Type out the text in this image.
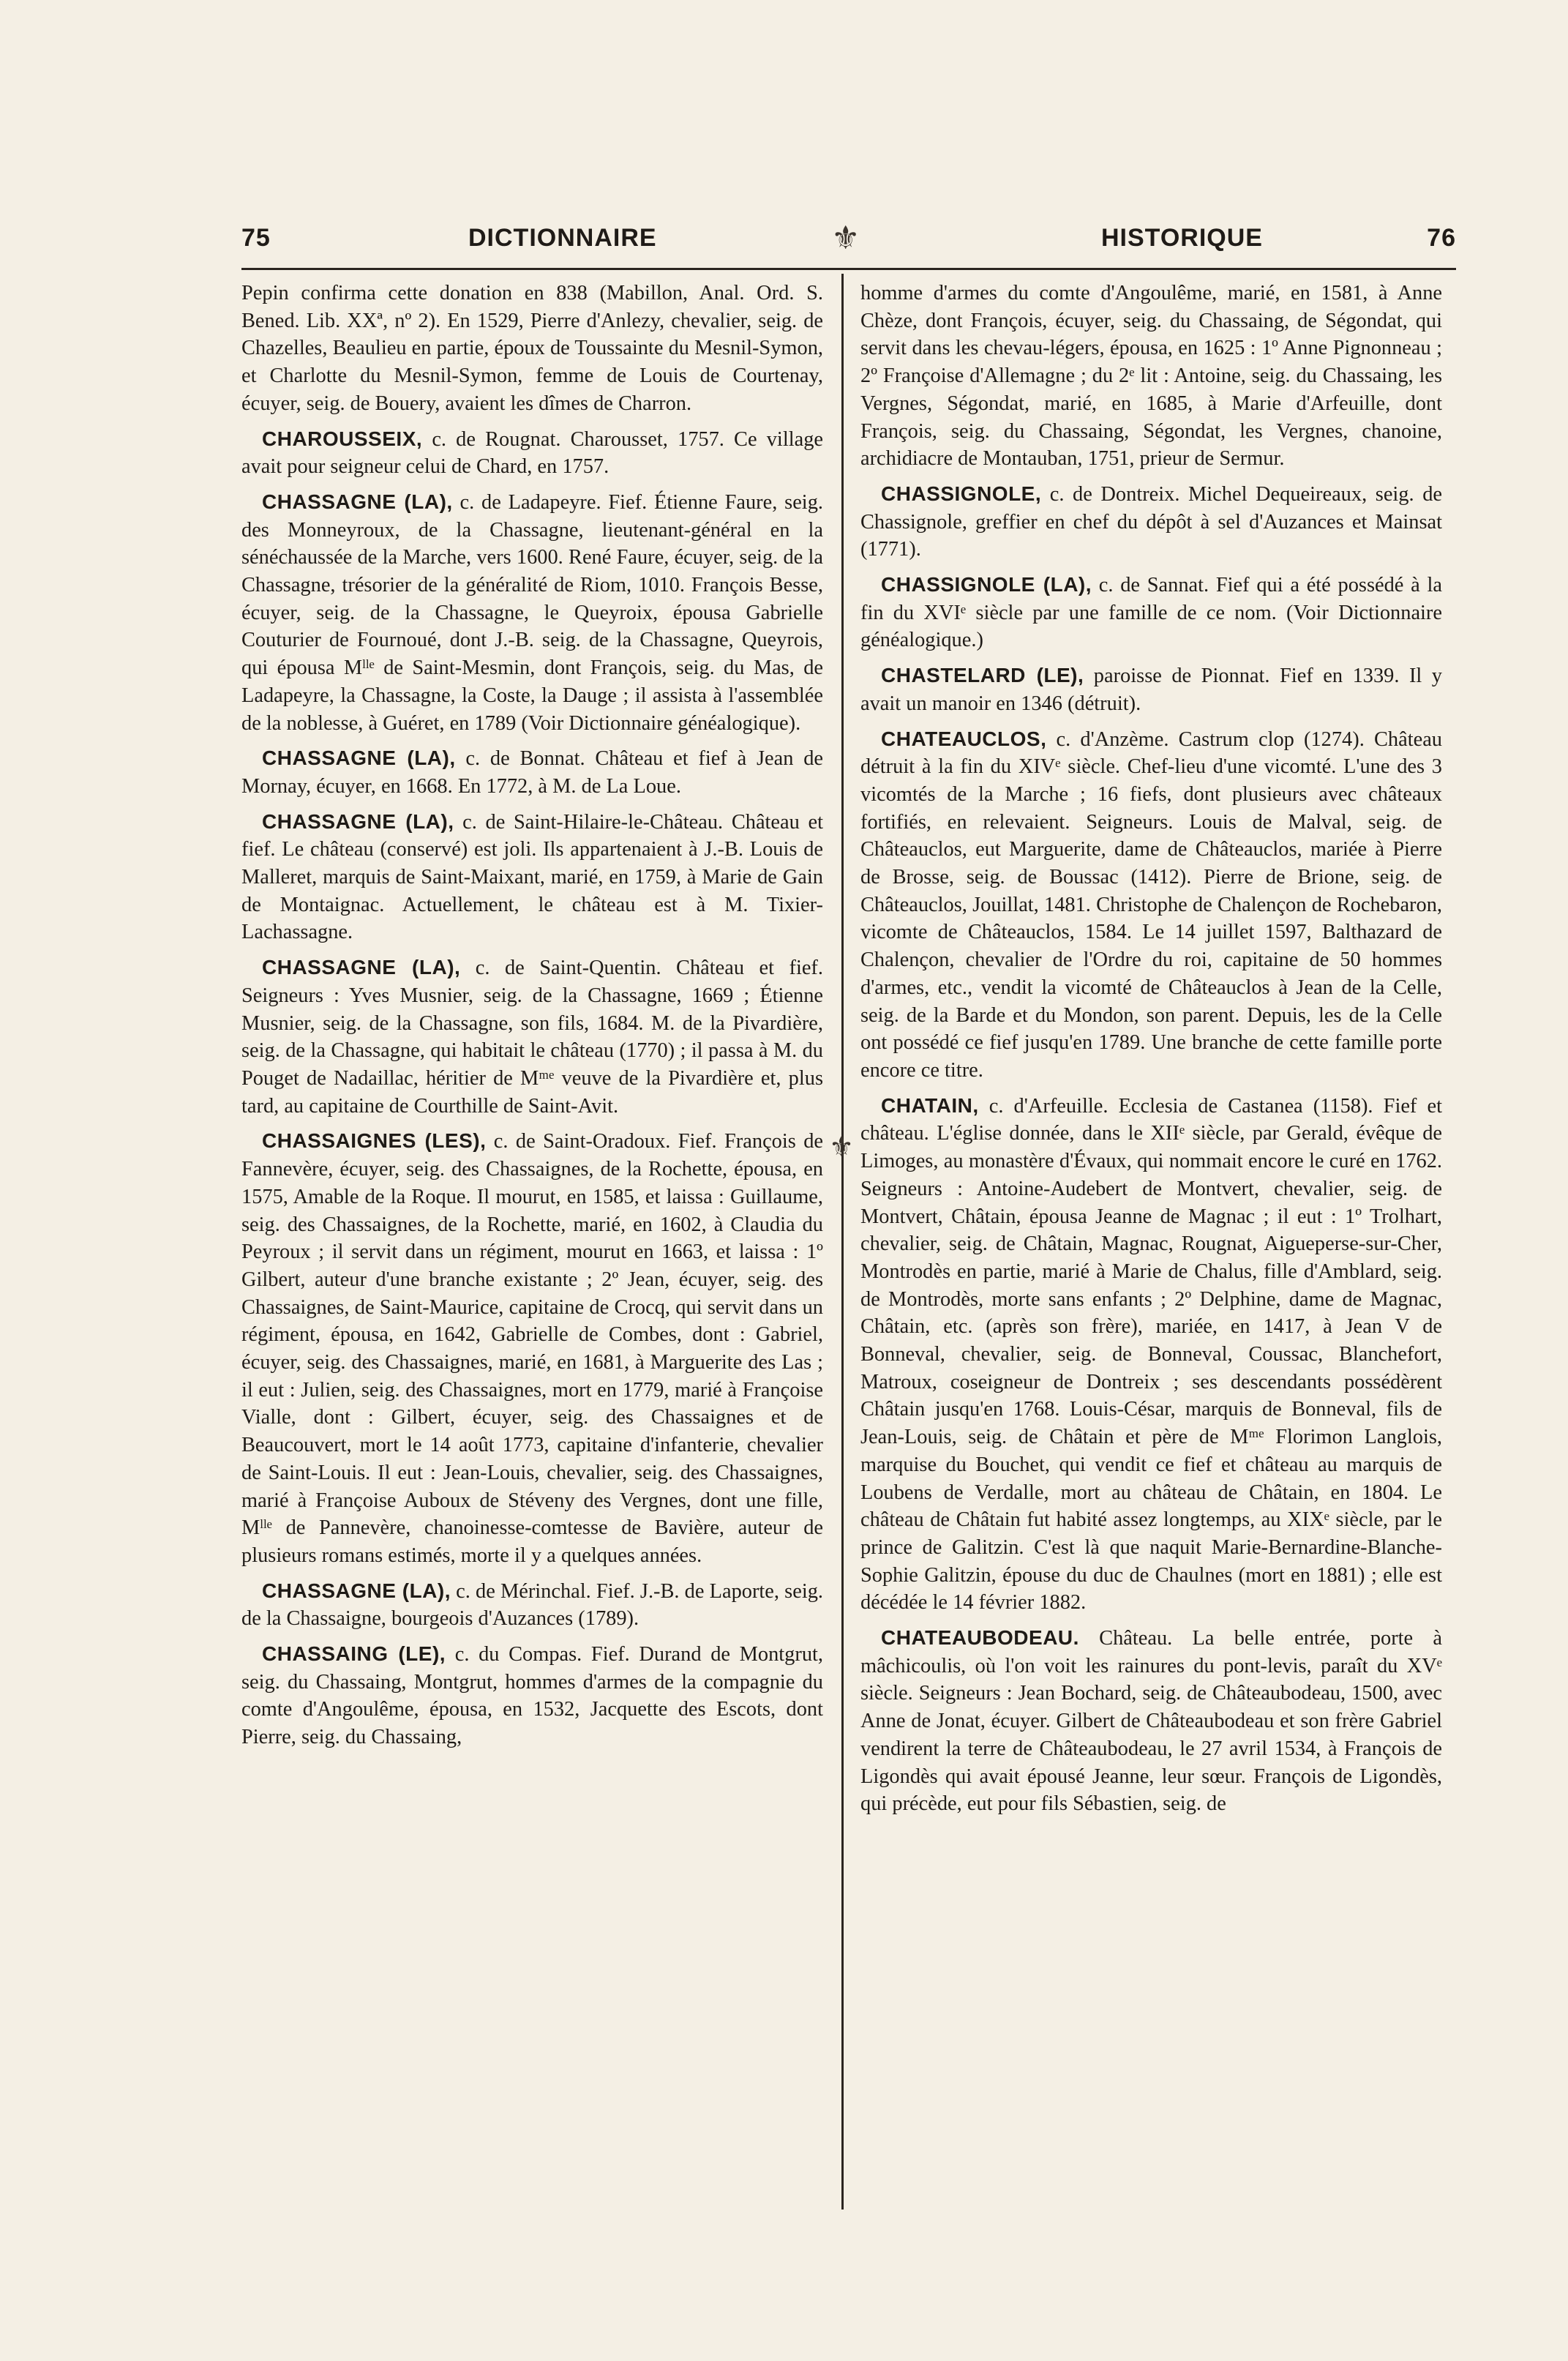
75	DICTIONNAIRE	⚜	HISTORIQUE	76
⚜

Pepin confirma cette donation en 838 (Mabillon, Anal. Ord. S. Bened. Lib. XXª, nº 2). En 1529, Pierre d'Anlezy, chevalier, seig. de Chazelles, Beaulieu en partie, époux de Toussainte du Mesnil-Symon, et Charlotte du Mesnil-Symon, femme de Louis de Courtenay, écuyer, seig. de Bouery, avaient les dîmes de Charron.

CHAROUSSEIX, c. de Rougnat. Charousset, 1757. Ce village avait pour seigneur celui de Chard, en 1757.

CHASSAGNE (LA), c. de Ladapeyre. Fief. Étienne Faure, seig. des Monneyroux, de la Chassagne, lieutenant-général en la sénéchaussée de la Marche, vers 1600. René Faure, écuyer, seig. de la Chassagne, trésorier de la généralité de Riom, 1010. François Besse, écuyer, seig. de la Chassagne, le Queyroix, épousa Gabrielle Couturier de Fournoué, dont J.-B. seig. de la Chassagne, Queyrois, qui épousa Mˡˡᵉ de Saint-Mesmin, dont François, seig. du Mas, de Ladapeyre, la Chassagne, la Coste, la Dauge ; il assista à l'assemblée de la noblesse, à Guéret, en 1789 (Voir Dictionnaire généalogique).

CHASSAGNE (LA), c. de Bonnat. Château et fief à Jean de Mornay, écuyer, en 1668. En 1772, à M. de La Loue.

CHASSAGNE (LA), c. de Saint-Hilaire-le-Château. Château et fief. Le château (conservé) est joli. Ils appartenaient à J.-B. Louis de Malleret, marquis de Saint-Maixant, marié, en 1759, à Marie de Gain de Montaignac. Actuellement, le château est à M. Tixier-Lachassagne.

CHASSAGNE (LA), c. de Saint-Quentin. Château et fief. Seigneurs : Yves Musnier, seig. de la Chassagne, 1669 ; Étienne Musnier, seig. de la Chassagne, son fils, 1684. M. de la Pivardière, seig. de la Chassagne, qui habitait le château (1770) ; il passa à M. du Pouget de Nadaillac, héritier de Mᵐᵉ veuve de la Pivardière et, plus tard, au capitaine de Courthille de Saint-Avit.

CHASSAIGNES (LES), c. de Saint-Oradoux. Fief. François de Fannevère, écuyer, seig. des Chassaignes, de la Rochette, épousa, en 1575, Amable de la Roque. Il mourut, en 1585, et laissa : Guillaume, seig. des Chassaignes, de la Rochette, marié, en 1602, à Claudia du Peyroux ; il servit dans un régiment, mourut en 1663, et laissa : 1º Gilbert, auteur d'une branche existante ; 2º Jean, écuyer, seig. des Chassaignes, de Saint-Maurice, capitaine de Crocq, qui servit dans un régiment, épousa, en 1642, Gabrielle de Combes, dont : Gabriel, écuyer, seig. des Chassaignes, marié, en 1681, à Marguerite des Las ; il eut : Julien, seig. des Chassaignes, mort en 1779, marié à Françoise Vialle, dont : Gilbert, écuyer, seig. des Chassaignes et de Beaucouvert, mort le 14 août 1773, capitaine d'infanterie, chevalier de Saint-Louis. Il eut : Jean-Louis, chevalier, seig. des Chassaignes, marié à Françoise Auboux de Stéveny des Vergnes, dont une fille, Mˡˡᵉ de Pannevère, chanoinesse-comtesse de Bavière, auteur de plusieurs romans estimés, morte il y a quelques années.

CHASSAGNE (LA), c. de Mérinchal. Fief. J.-B. de Laporte, seig. de la Chassaigne, bourgeois d'Auzances (1789).

CHASSAING (LE), c. du Compas. Fief. Durand de Montgrut, seig. du Chassaing, Montgrut, hommes d'armes de la compagnie du comte d'Angoulême, épousa, en 1532, Jacquette des Escots, dont Pierre, seig. du Chassaing,

homme d'armes du comte d'Angoulême, marié, en 1581, à Anne Chèze, dont François, écuyer, seig. du Chassaing, de Ségondat, qui servit dans les chevau-légers, épousa, en 1625 : 1º Anne Pignonneau ; 2º Françoise d'Allemagne ; du 2ᵉ lit : Antoine, seig. du Chassaing, les Vergnes, Ségondat, marié, en 1685, à Marie d'Arfeuille, dont François, seig. du Chassaing, Ségondat, les Vergnes, chanoine, archidiacre de Montauban, 1751, prieur de Sermur.

CHASSIGNOLE, c. de Dontreix. Michel Dequeireaux, seig. de Chassignole, greffier en chef du dépôt à sel d'Auzances et Mainsat (1771).

CHASSIGNOLE (LA), c. de Sannat. Fief qui a été possédé à la fin du XVIᵉ siècle par une famille de ce nom. (Voir Dictionnaire généalogique.)

CHASTELARD (LE), paroisse de Pionnat. Fief en 1339. Il y avait un manoir en 1346 (détruit).

CHATEAUCLOS, c. d'Anzème. Castrum clop (1274). Château détruit à la fin du XIVᵉ siècle. Chef-lieu d'une vicomté. L'une des 3 vicomtés de la Marche ; 16 fiefs, dont plusieurs avec châteaux fortifiés, en relevaient. Seigneurs. Louis de Malval, seig. de Châteauclos, eut Marguerite, dame de Châteauclos, mariée à Pierre de Brosse, seig. de Boussac (1412). Pierre de Brione, seig. de Châteauclos, Jouillat, 1481. Christophe de Chalençon de Rochebaron, vicomte de Châteauclos, 1584. Le 14 juillet 1597, Balthazard de Chalençon, chevalier de l'Ordre du roi, capitaine de 50 hommes d'armes, etc., vendit la vicomté de Châteauclos à Jean de la Celle, seig. de la Barde et du Mondon, son parent. Depuis, les de la Celle ont possédé ce fief jusqu'en 1789. Une branche de cette famille porte encore ce titre.

CHATAIN, c. d'Arfeuille. Ecclesia de Castanea (1158). Fief et château. L'église donnée, dans le XIIᵉ siècle, par Gerald, évêque de Limoges, au monastère d'Évaux, qui nommait encore le curé en 1762. Seigneurs : Antoine-Audebert de Montvert, chevalier, seig. de Montvert, Châtain, épousa Jeanne de Magnac ; il eut : 1º Trolhart, chevalier, seig. de Châtain, Magnac, Rougnat, Aigueperse-sur-Cher, Montrodès en partie, marié à Marie de Chalus, fille d'Amblard, seig. de Montrodès, morte sans enfants ; 2º Delphine, dame de Magnac, Châtain, etc. (après son frère), mariée, en 1417, à Jean V de Bonneval, chevalier, seig. de Bonneval, Coussac, Blanchefort, Matroux, coseigneur de Dontreix ; ses descendants possédèrent Châtain jusqu'en 1768. Louis-César, marquis de Bonneval, fils de Jean-Louis, seig. de Châtain et père de Mᵐᵉ Florimon Langlois, marquise du Bouchet, qui vendit ce fief et château au marquis de Loubens de Verdalle, mort au château de Châtain, en 1804. Le château de Châtain fut habité assez longtemps, au XIXᵉ siècle, par le prince de Galitzin. C'est là que naquit Marie-Bernardine-Blanche-Sophie Galitzin, épouse du duc de Chaulnes (mort en 1881) ; elle est décédée le 14 février 1882.

CHATEAUBODEAU. Château. La belle entrée, porte à mâchicoulis, où l'on voit les rainures du pont-levis, paraît du XVᵉ siècle. Seigneurs : Jean Bochard, seig. de Châteaubodeau, 1500, avec Anne de Jonat, écuyer. Gilbert de Châteaubodeau et son frère Gabriel vendirent la terre de Châteaubodeau, le 27 avril 1534, à François de Ligondès qui avait épousé Jeanne, leur sœur. François de Ligondès, qui précède, eut pour fils Sébastien, seig. de
